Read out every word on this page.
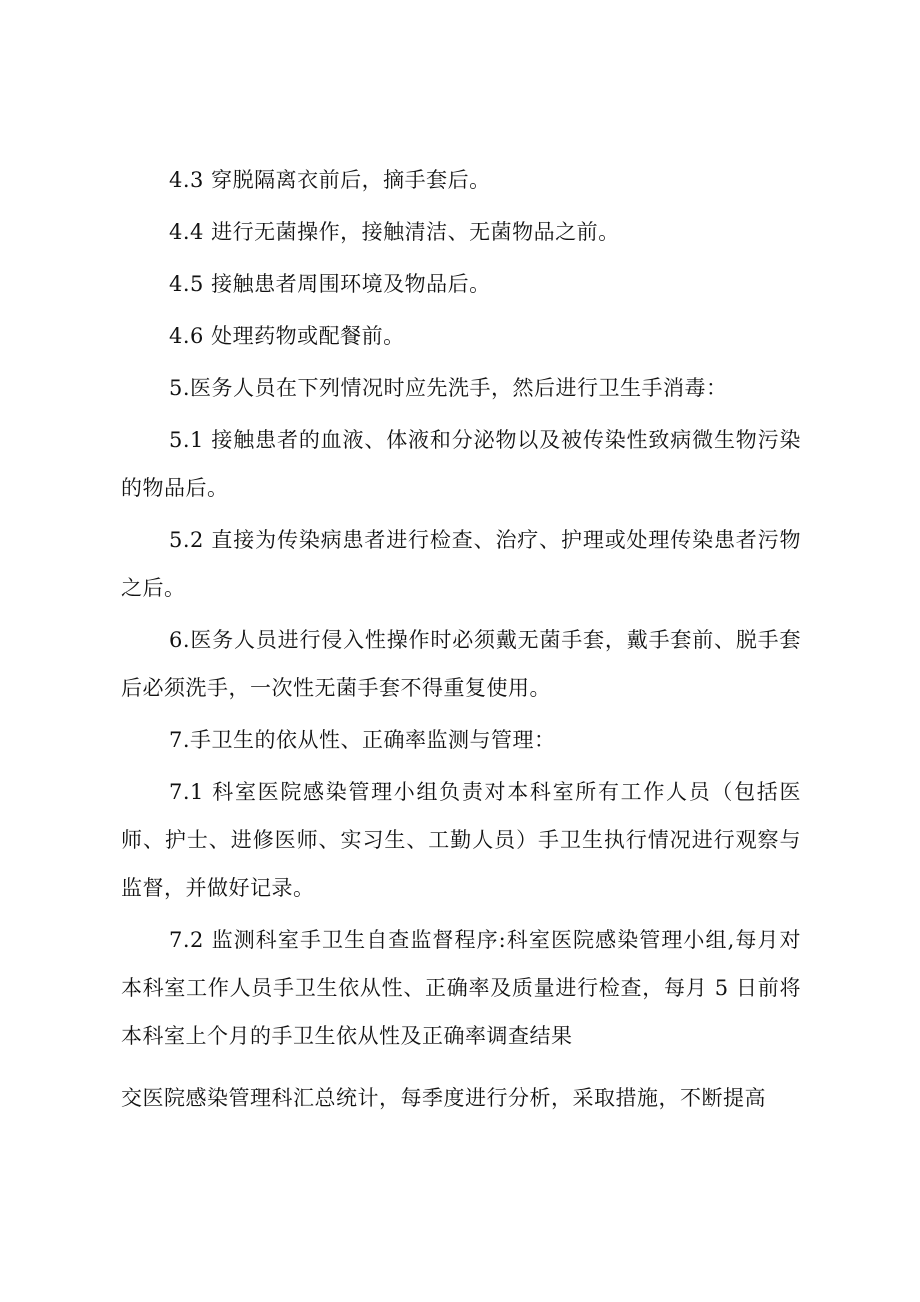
4.3 穿脱隔离衣前后，摘手套后。

4.4 进行无菌操作，接触清洁、无菌物品之前。

4.5 接触患者周围环境及物品后。

4.6 处理药物或配餐前。

5.医务人员在下列情况时应先洗手，然后进行卫生手消毒：

5.1 接触患者的血液、体液和分泌物以及被传染性致病微生物污染的物品后。

5.2 直接为传染病患者进行检查、治疗、护理或处理传染患者污物之后。

6.医务人员进行侵入性操作时必须戴无菌手套，戴手套前、脱手套后必须洗手，一次性无菌手套不得重复使用。

7.手卫生的依从性、正确率监测与管理：

7.1 科室医院感染管理小组负责对本科室所有工作人员（包括医师、护士、进修医师、实习生、工勤人员）手卫生执行情况进行观察与监督，并做好记录。

7.2 监测科室手卫生自查监督程序:科室医院感染管理小组,每月对本科室工作人员手卫生依从性、正确率及质量进行检查，每月 5 日前将本科室上个月的手卫生依从性及正确率调查结果

交医院感染管理科汇总统计，每季度进行分析，采取措施，不断提高
